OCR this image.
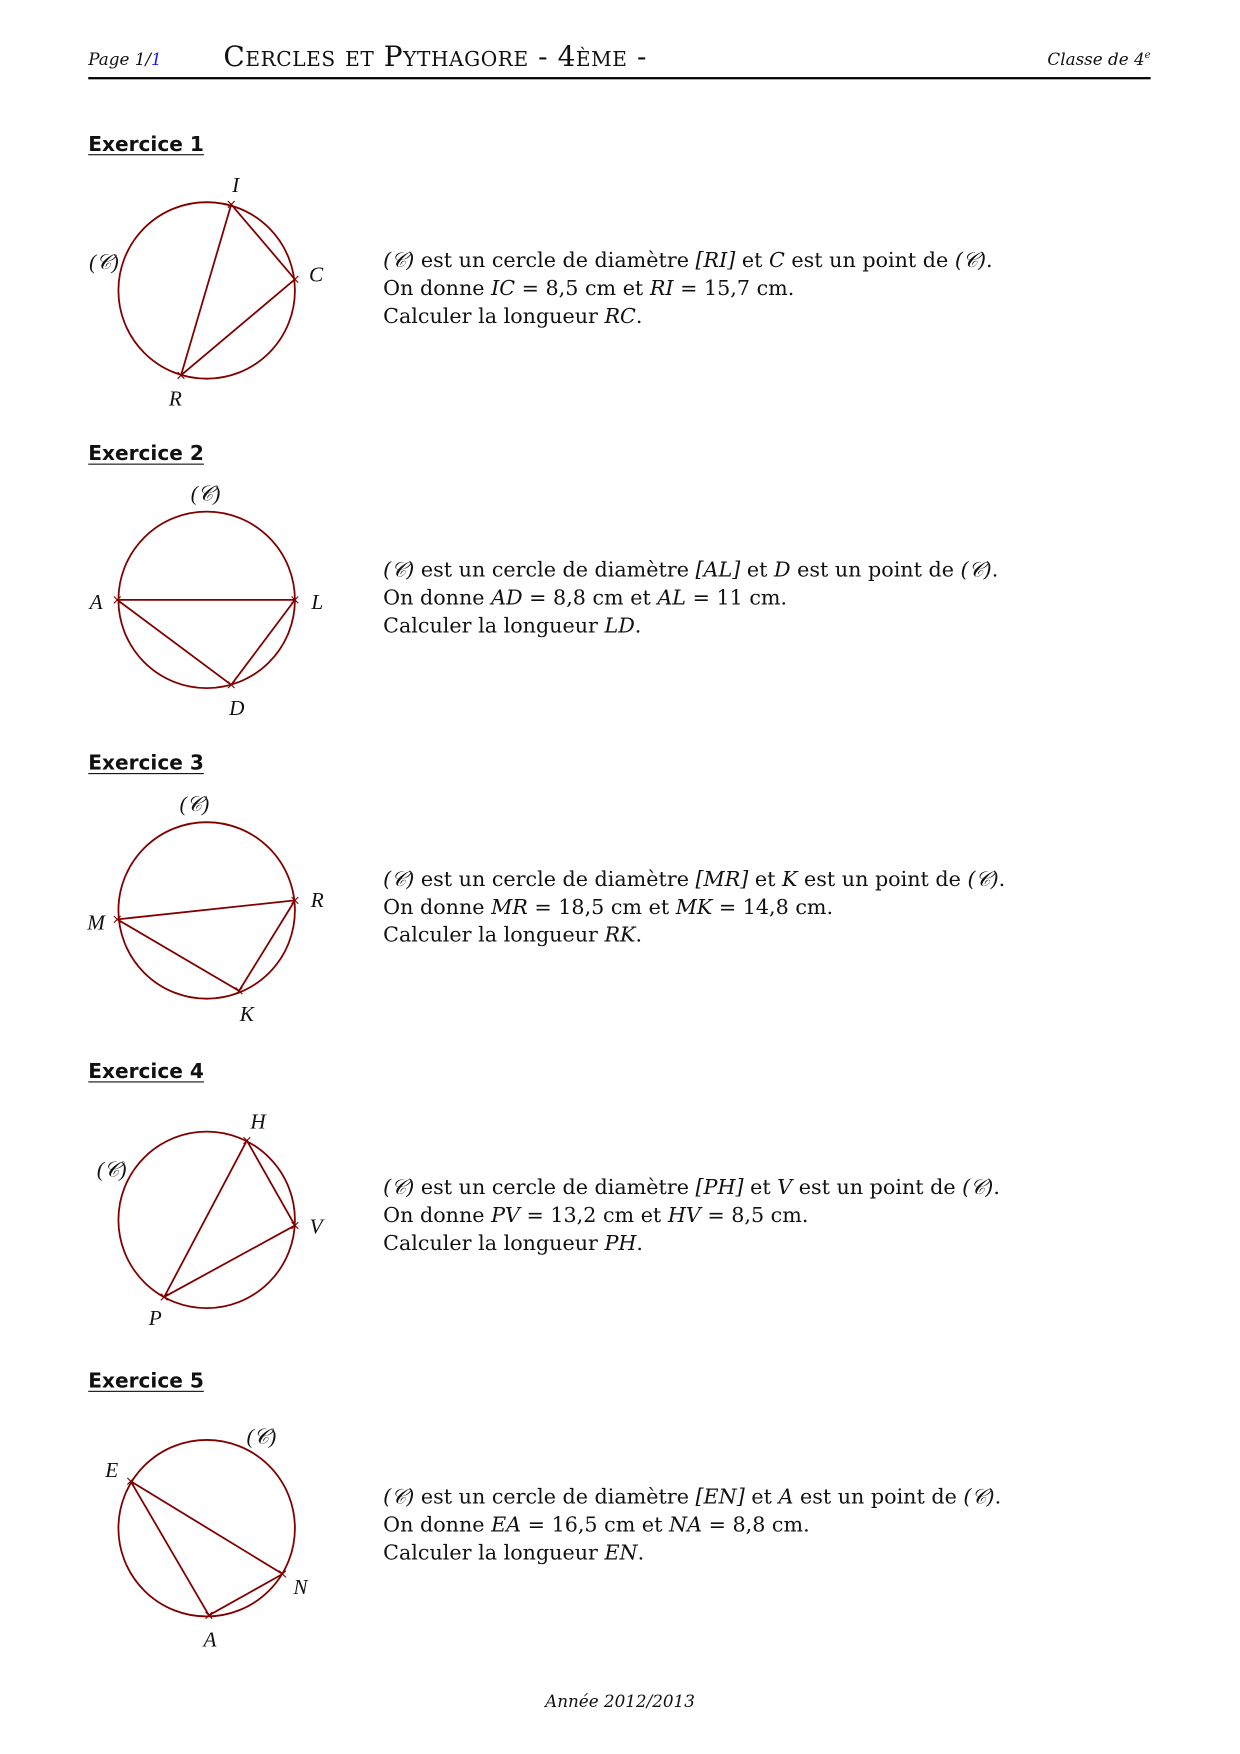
Page 1/1 Cercles et Pythagore - 4ème -	Classe de 4e
I
C
R
(𝒞)
A	L
D
(𝒞)
M
R
K
(𝒞)
H
V
P
(𝒞)
E
N
A
(𝒞)
Exercice 1
(𝒞) est un cercle de diamètre [RI] et C est un point de (𝒞).
On donne IC = 8,5 cm et RI = 15,7 cm.
Calculer la longueur RC.
Exercice 2
(𝒞) est un cercle de diamètre [AL] et D est un point de (𝒞).
On donne AD = 8,8 cm et AL = 11 cm.
Calculer la longueur LD.
Exercice 3
(𝒞) est un cercle de diamètre [MR] et K est un point de (𝒞).
On donne MR = 18,5 cm et MK = 14,8 cm.
Calculer la longueur RK.
Exercice 4
(𝒞) est un cercle de diamètre [PH] et V est un point de (𝒞).
On donne PV = 13,2 cm et HV = 8,5 cm.
Calculer la longueur PH.
Exercice 5
(𝒞) est un cercle de diamètre [EN] et A est un point de (𝒞).
On donne EA = 16,5 cm et NA = 8,8 cm.
Calculer la longueur EN.
Année 2012/2013
